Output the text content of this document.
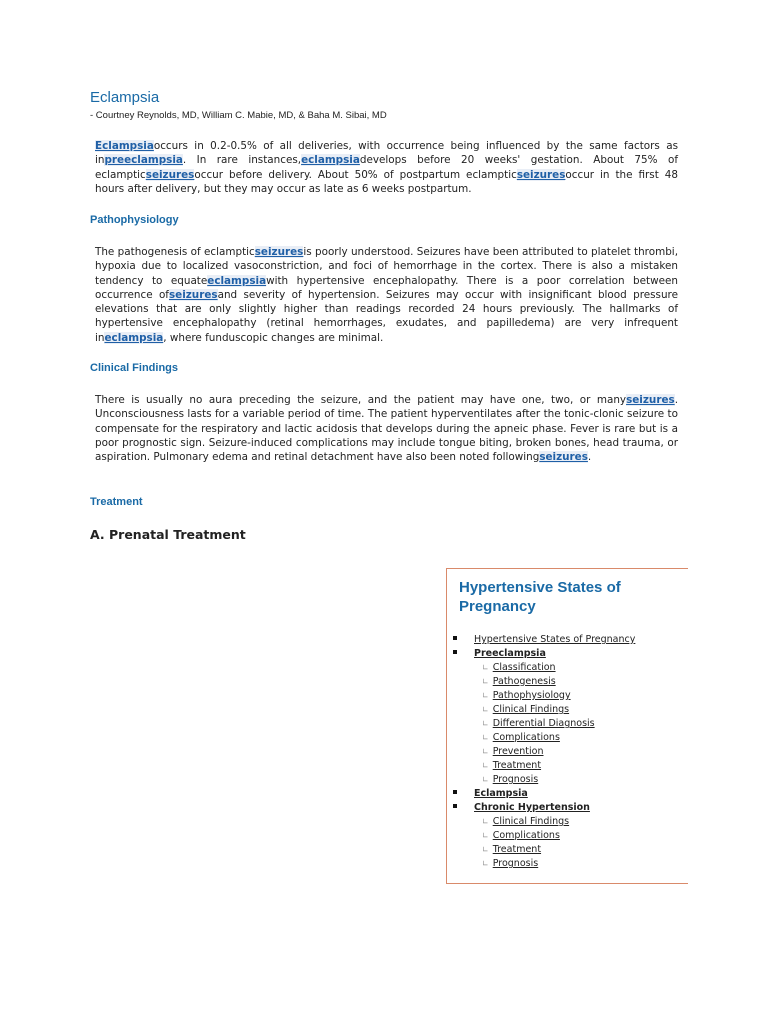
Eclampsia
- Courtney Reynolds, MD, William C. Mabie, MD, & Baha M. Sibai, MD
Eclampsiaoccurs in 0.2-0.5% of all deliveries, with occurrence being influenced by the same factors as inpreeclampsia. In rare instances,eclampsiadevelops before 20 weeks' gestation. About 75% of eclampticseizuresoccur before delivery. About 50% of postpartum eclampticseizuresoccur in the first 48 hours after delivery, but they may occur as late as 6 weeks postpartum.
Pathophysiology
The pathogenesis of eclampticseizuresis poorly understood. Seizures have been attributed to platelet thrombi, hypoxia due to localized vasoconstriction, and foci of hemorrhage in the cortex. There is also a mistaken tendency to equateeclampsiawith hypertensive encephalopathy. There is a poor correlation between occurrence ofseizuresand severity of hypertension. Seizures may occur with insignificant blood pressure elevations that are only slightly higher than readings recorded 24 hours previously. The hallmarks of hypertensive encephalopathy (retinal hemorrhages, exudates, and papilledema) are very infrequent ineclampsia, where funduscopic changes are minimal.
Clinical Findings
There is usually no aura preceding the seizure, and the patient may have one, two, or manyseizures. Unconsciousness lasts for a variable period of time. The patient hyperventilates after the tonic-clonic seizure to compensate for the respiratory and lactic acidosis that develops during the apneic phase. Fever is rare but is a poor prognostic sign. Seizure-induced complications may include tongue biting, broken bones, head trauma, or aspiration. Pulmonary edema and retinal detachment have also been noted followingseizures.
Treatment
A. Prenatal Treatment
Hypertensive States of Pregnancy
Hypertensive States of Pregnancy
Preeclampsia
∟ Classification
∟ Pathogenesis
∟ Pathophysiology
∟ Clinical Findings
∟ Differential Diagnosis
∟ Complications
∟ Prevention
∟ Treatment
∟ Prognosis
Eclampsia
Chronic Hypertension
∟ Clinical Findings
∟ Complications
∟ Treatment
∟ Prognosis
